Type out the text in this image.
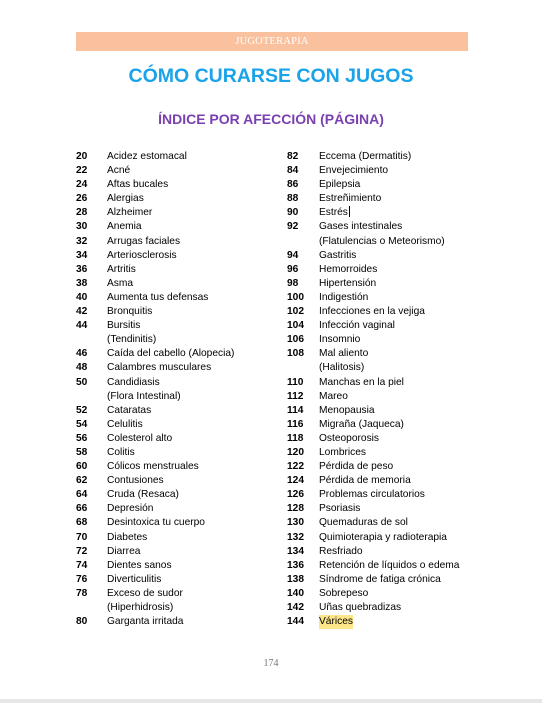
JUGOTERAPIA
CÓMO CURARSE CON JUGOS
ÍNDICE POR AFECCIÓN (PÁGINA)
20	Acidez estomacal
22	Acné
24	Aftas bucales
26	Alergias
28	Alzheimer
30	Anemia
32	Arrugas faciales
34	Arteriosclerosis
36	Artritis
38	Asma
40	Aumenta tus defensas
42	Bronquitis
44	Bursitis
(Tendinitis)
46	Caída del cabello (Alopecia)
48	Calambres musculares
50	Candidiasis
(Flora Intestinal)
52	Cataratas
54	Celulitis
56	Colesterol alto
58	Colitis
60	Cólicos menstruales
62	Contusiones
64	Cruda (Resaca)
66	Depresión
68	Desintoxica tu cuerpo
70	Diabetes
72	Diarrea
74	Dientes sanos
76	Diverticulitis
78	Exceso de sudor
(Hiperhidrosis)
80	Garganta irritada
82	Eccema (Dermatitis)
84	Envejecimiento
86	Epilepsia
88	Estreñimiento
90	Estrés
92	Gases intestinales
(Flatulencias o Meteorismo)
94	Gastritis
96	Hemorroides
98	Hipertensión
100	Indigestión
102	Infecciones en la vejiga
104	Infección vaginal
106	Insomnio
108	Mal aliento
(Halitosis)
110	Manchas en la piel
112	Mareo
114	Menopausia
116	Migraña (Jaqueca)
118	Osteoporosis
120	Lombrices
122	Pérdida de peso
124	Pérdida de memoria
126	Problemas circulatorios
128	Psoriasis
130	Quemaduras de sol
132	Quimioterapia y radioterapia
134	Resfriado
136	Retención de líquidos o edema
138	Síndrome de fatiga crónica
140	Sobrepeso
142	Uñas quebradizas
144	Várices
174
